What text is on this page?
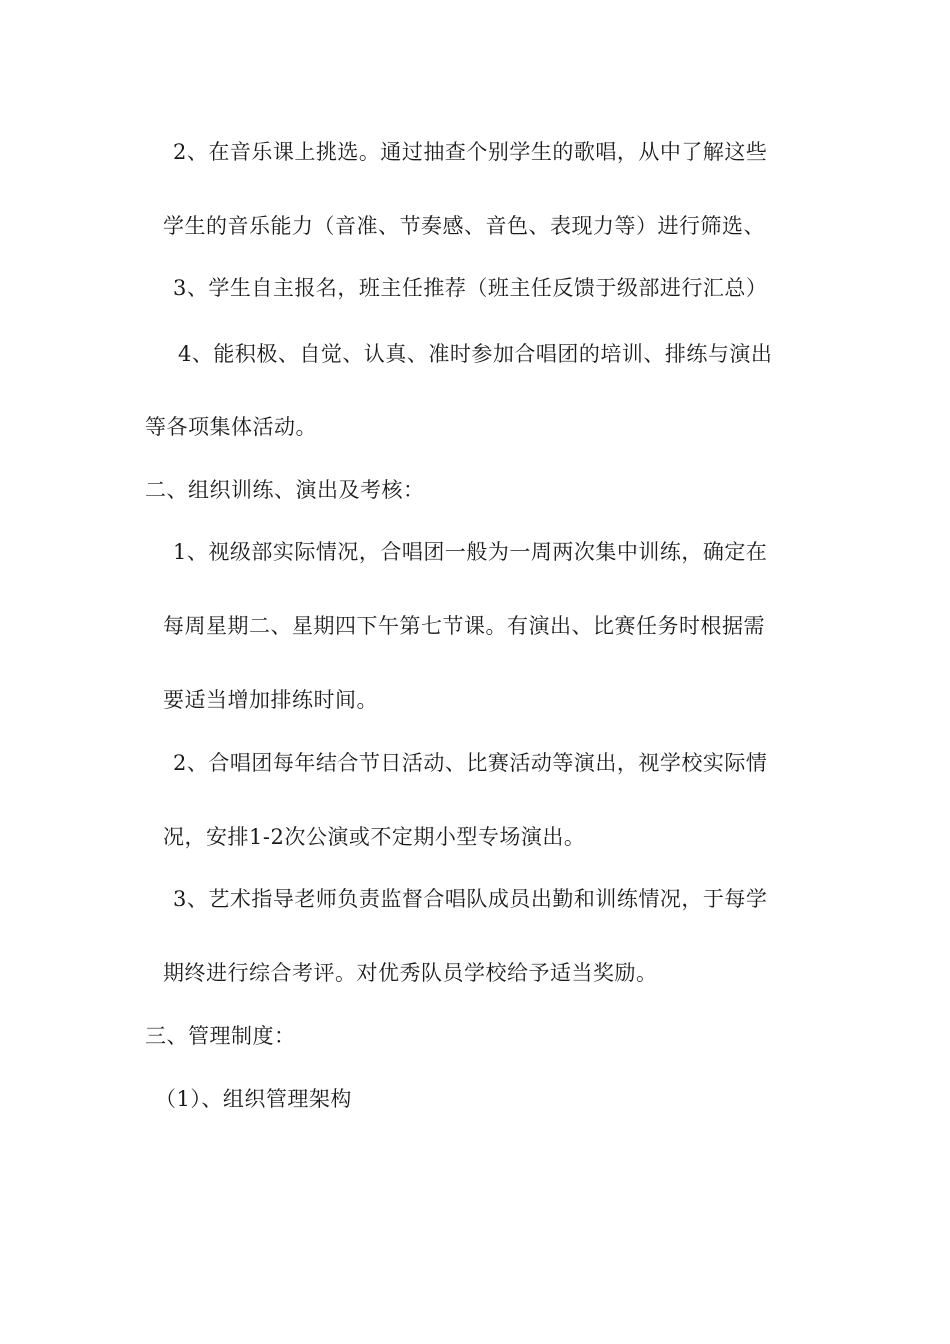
2、在音乐课上挑选。通过抽查个别学生的歌唱，从中了解这些
学生的音乐能力（音准、节奏感、音色、表现力等）进行筛选、
3、学生自主报名，班主任推荐（班主任反馈于级部进行汇总）
4、能积极、自觉、认真、准时参加合唱团的培训、排练与演出
等各项集体活动。
二、组织训练、演出及考核：
1、视级部实际情况，合唱团一般为一周两次集中训练，确定在
每周星期二、星期四下午第七节课。有演出、比赛任务时根据需
要适当增加排练时间。
2、合唱团每年结合节日活动、比赛活动等演出，视学校实际情
况，安排1-2次公演或不定期小型专场演出。
3、艺术指导老师负责监督合唱队成员出勤和训练情况，于每学
期终进行综合考评。对优秀队员学校给予适当奖励。
三、管理制度：
（1）、组织管理架构
